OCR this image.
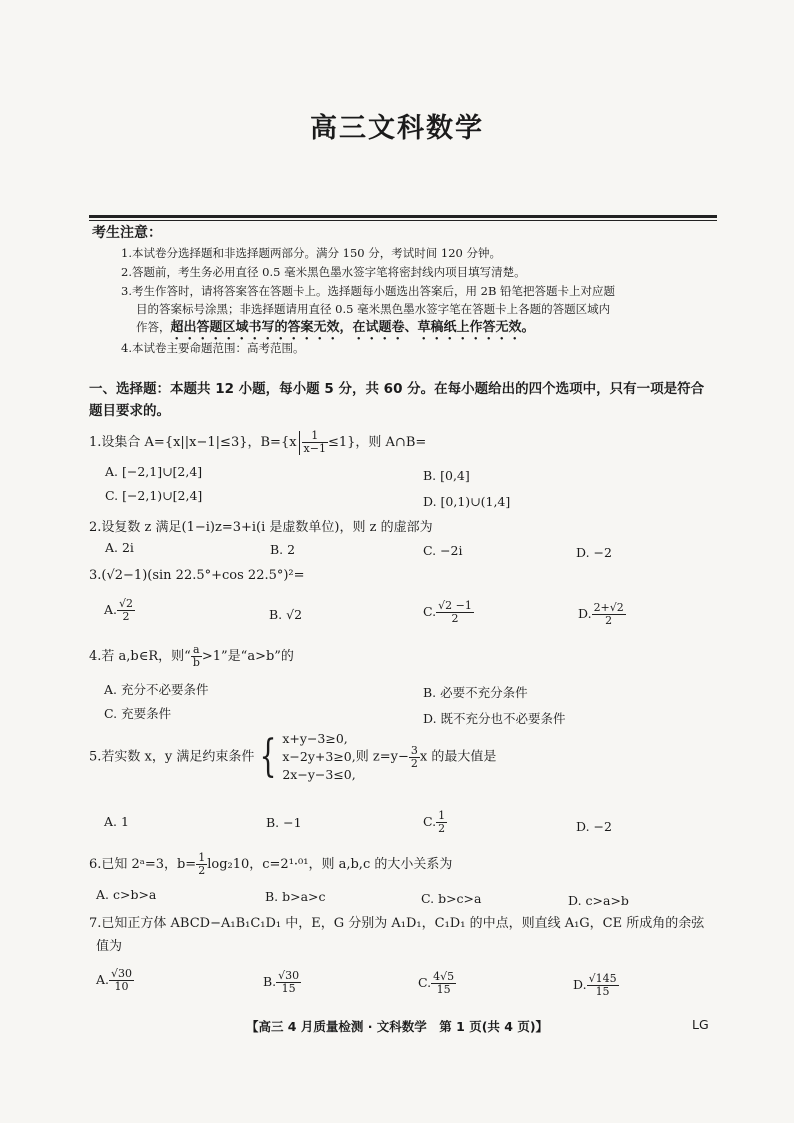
高三文科数学
考生注意：
1.本试卷分选择题和非选择题两部分。满分 150 分，考试时间 120 分钟。
2.答题前，考生务必用直径 0.5 毫米黑色墨水签字笔将密封线内项目填写清楚。
3.考生作答时，请将答案答在答题卡上。选择题每小题选出答案后，用 2B 铅笔把答题卡上对应题
目的答案标号涂黑；非选择题请用直径 0.5 毫米黑色墨水签字笔在答题卡上各题的答题区域内
作答，超出答题区域书写的答案无效，在试题卷、草稿纸上作答无效。
4.本试卷主要命题范围：高考范围。
一、选择题：本题共 12 小题，每小题 5 分，共 60 分。在每小题给出的四个选项中，只有一项是符合题目要求的。
1.设集合 A={x||x−1|≤3}，$B=\{x \frac{1}{x-1} \le 1\}$，则 A∩B=
A. [−2,1]∪[2,4]	B. [0,4]
C. [−2,1)∪[2,4]	D. [0,1)∪(1,4]
2.设复数 z 满足(1−i)z=3+i(i 是虚数单位)，则 z 的虚部为
A. 2i	B. 2	C. −2i	D. −2
3.(√2−1)(sin 22.5°+cos 22.5°)²=
A. $\frac{√2}{2}$	B. √2	C. $\frac{√2 -1}{2}$	D. $\frac{2+√2}{2}$
4.若 a,b∈R，则“ $\frac{a}{b} >1$”是“a>b”的
A. 充分不必要条件	B. 必要不充分条件
C. 充要条件	D. 既不充分也不必要条件
5.若实数 x，y 满足约束条件 { x+y−3≥0,
x−2y+3≥0,
2x−y−3≤0,
则 $z=y- \frac{3}{2}$ x 的最大值是
A. 1	B. −1	C. $\frac{1}{2}$	D. −2
6.已知 2ᵃ=3，$b= \frac{1}{2} \log_210$，c=2¹·⁰¹，则 a,b,c 的大小关系为
A. c>b>a	B. b>a>c	C. b>c>a	D. c>a>b
7.已知正方体 ABCD−A₁B₁C₁D₁ 中，E，G 分别为 A₁D₁，C₁D₁ 的中点，则直线 A₁G，CE 所成角的余弦
值为
A. $\frac{√30}{10}$	B. $\frac{√30}{15}$	C. $\frac{4√5}{15}$	D. $\frac{√145}{15}$
【高三 4 月质量检测 · 文科数学　第 1 页(共 4 页)】	LG
